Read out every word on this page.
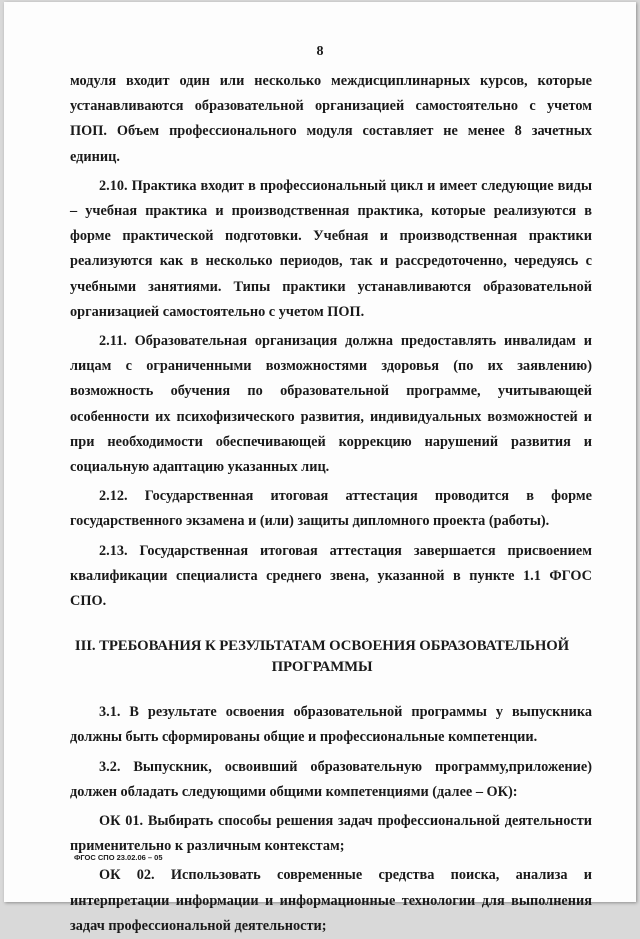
8

модуля входит один или несколько междисциплинарных курсов, которые устанавливаются образовательной организацией самостоятельно с учетом ПОП. Объем профессионального модуля составляет не менее 8 зачетных единиц.

2.10. Практика входит в профессиональный цикл и имеет следующие виды – учебная практика и производственная практика, которые реализуются в форме практической подготовки. Учебная и производственная практики реализуются как в несколько периодов, так и рассредоточенно, чередуясь с учебными занятиями. Типы практики устанавливаются образовательной организацией самостоятельно с учетом ПОП.

2.11. Образовательная организация должна предоставлять инвалидам и лицам с ограниченными возможностями здоровья (по их заявлению) возможность обучения по образовательной программе, учитывающей особенности их психофизического развития, индивидуальных возможностей и при необходимости обеспечивающей коррекцию нарушений развития и социальную адаптацию указанных лиц.

2.12. Государственная итоговая аттестация проводится в форме государственного экзамена и (или) защиты дипломного проекта (работы).

2.13. Государственная итоговая аттестация завершается присвоением квалификации специалиста среднего звена, указанной в пункте 1.1 ФГОС СПО.

III. ТРЕБОВАНИЯ К РЕЗУЛЬТАТАМ ОСВОЕНИЯ ОБРАЗОВАТЕЛЬНОЙ ПРОГРАММЫ

3.1. В результате освоения образовательной программы у выпускника должны быть сформированы общие и профессиональные компетенции.

3.2. Выпускник, освоивший образовательную программу,приложение) должен обладать следующими общими компетенциями (далее – ОК):

ОК 01. Выбирать способы решения задач профессиональной деятельности применительно к различным контекстам;

ОК 02. Использовать современные средства поиска, анализа и интерпретации информации и информационные технологии для выполнения задач профессиональной деятельности;

ФГОС СПО 23.02.06 – 05
